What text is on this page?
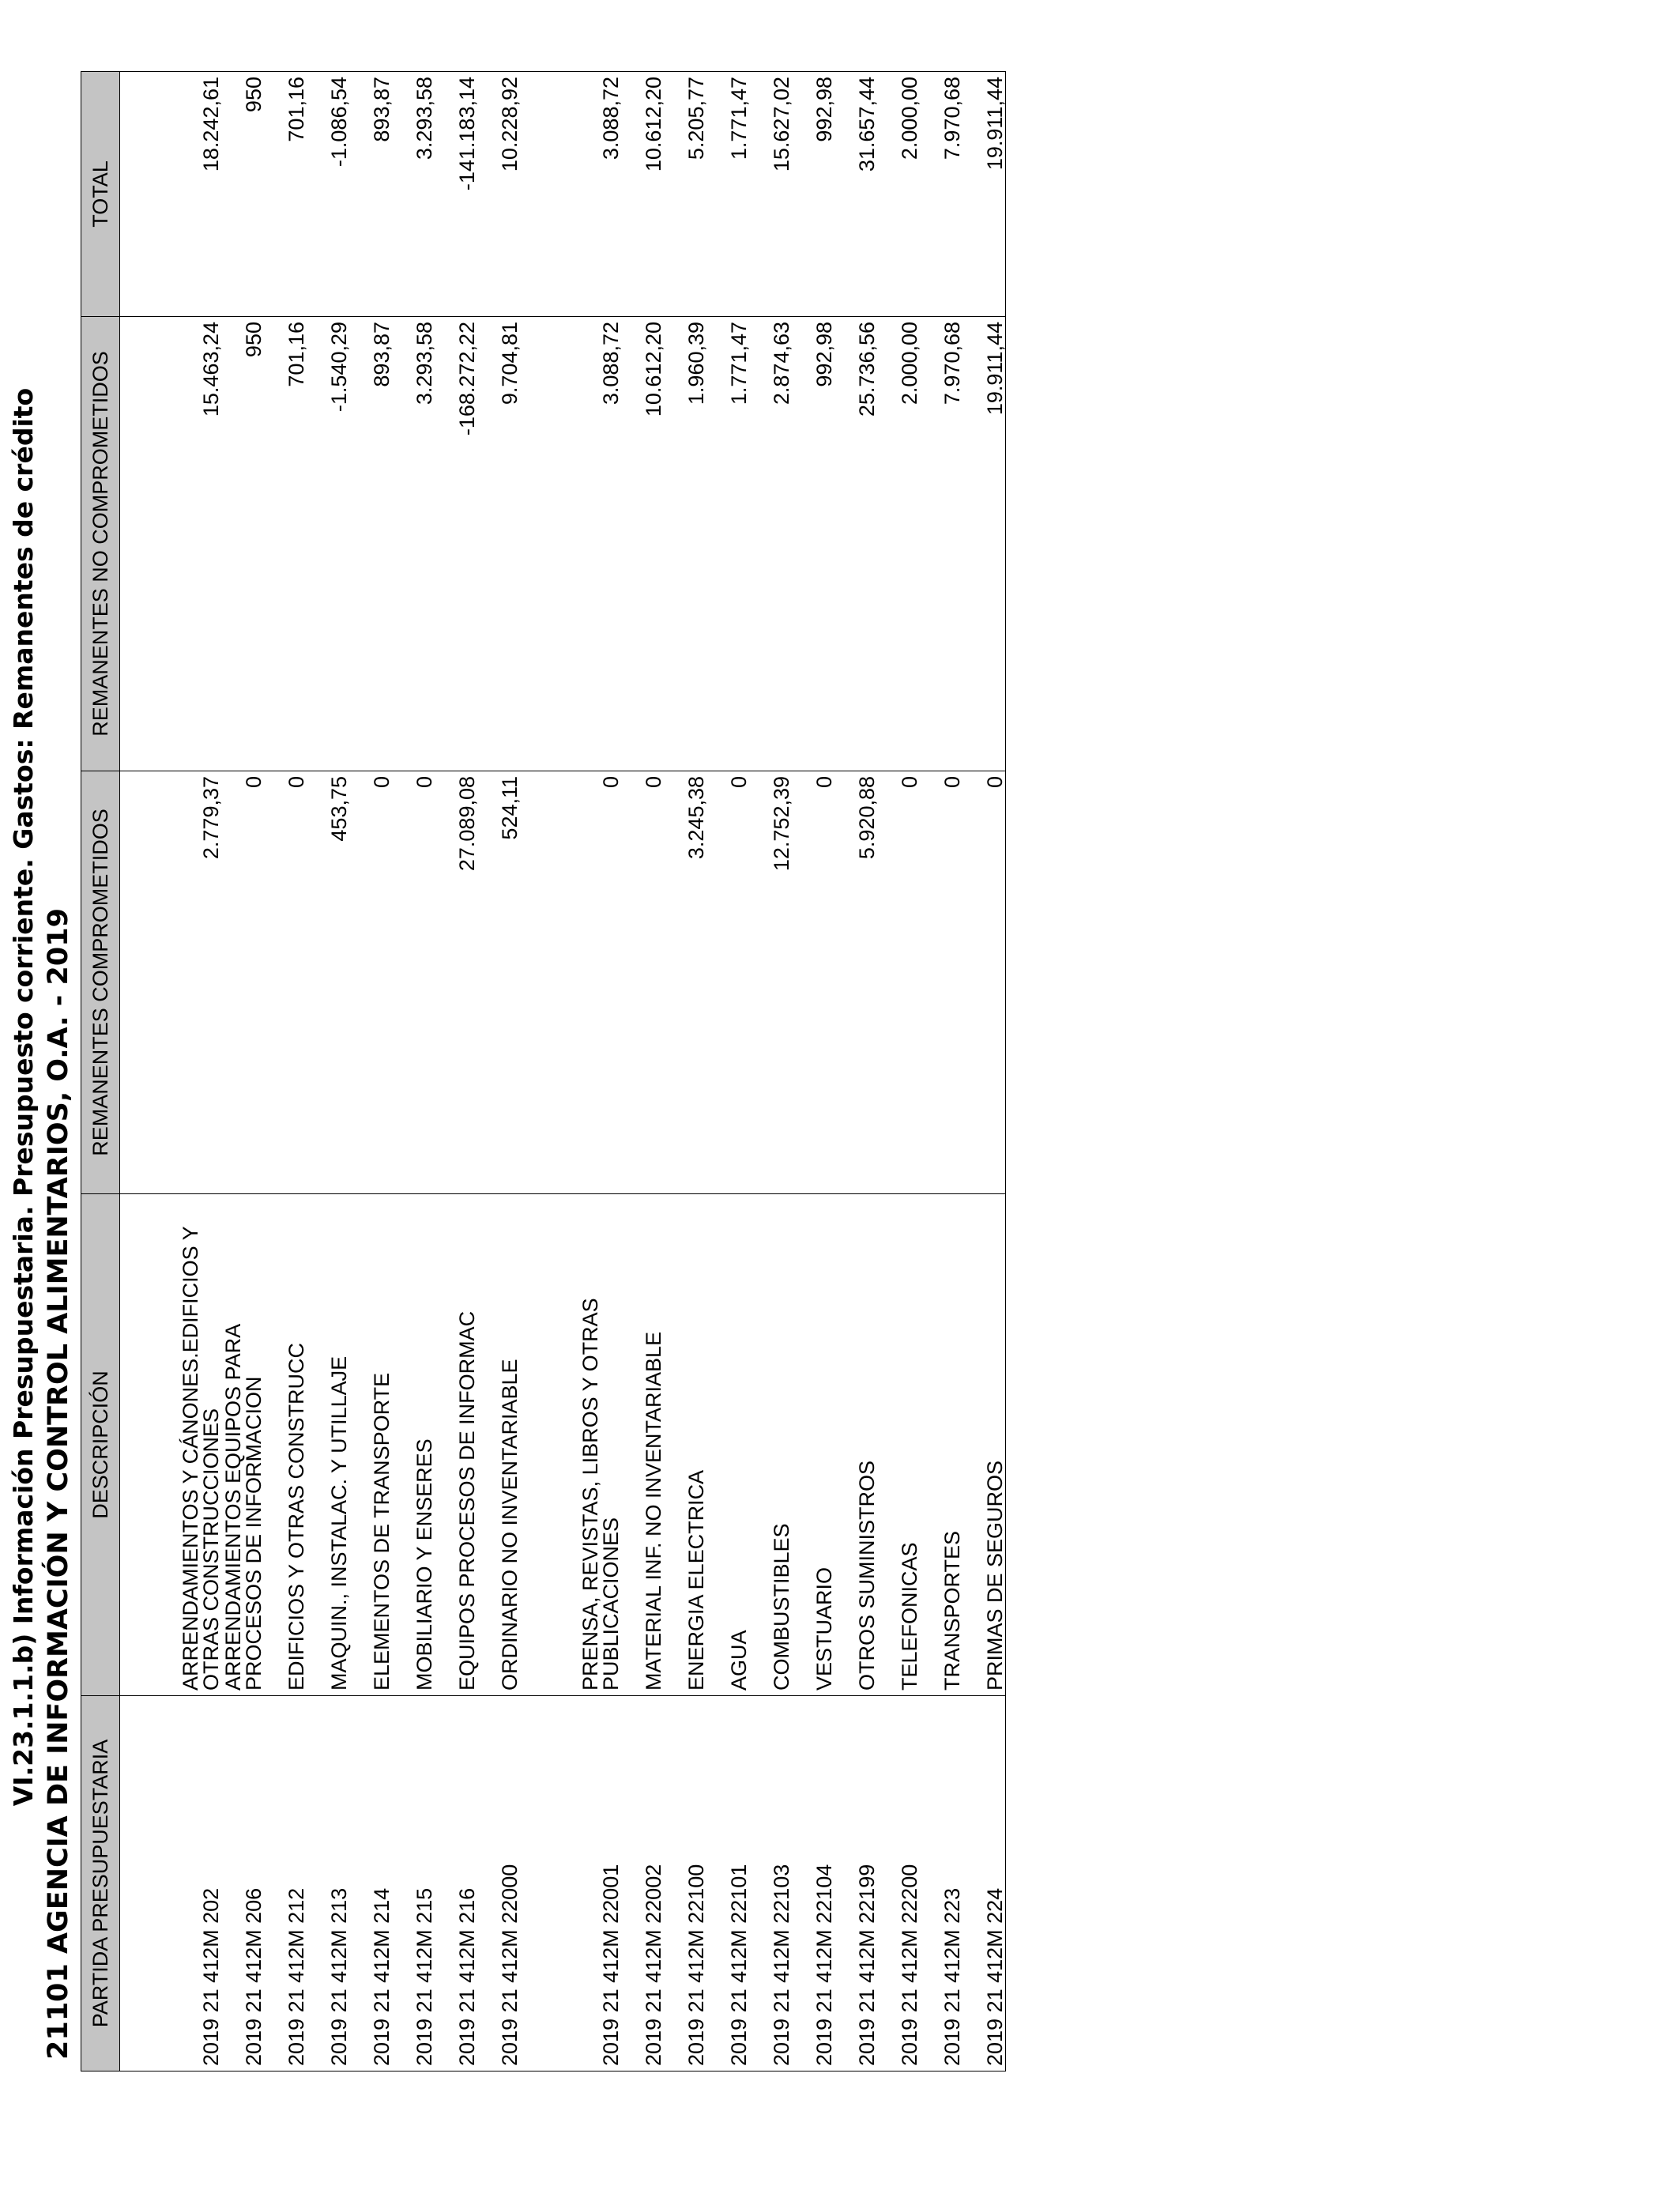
VI.23.1.1.b) Información Presupuestaria. Presupuesto corriente. Gastos: Remanentes de crédito 21101 AGENCIA DE INFORMACIÓN Y CONTROL ALIMENTARIOS, O.A. - 2019 PARTIDA PRESUPUESTARIA	DESCRIPCIÓN	REMANENTES COMPROMETIDOS	REMANENTES NO COMPROMETIDOS	TOTAL
2019 21 412M 202	ARRENDAMIENTOS Y CÁNONES.EDIFICIOS Y OTRAS CONSTRUCCIONES	2.779,37	15.463,24	18.242,61
2019 21 412M 206	ARRENDAMIENTOS EQUIPOS PARA PROCESOS DE INFORMACION	0	950	950
2019 21 412M 212	EDIFICIOS Y OTRAS CONSTRUCC	0	701,16	701,16
2019 21 412M 213	MAQUIN., INSTALAC. Y UTILLAJE	453,75	-1.540,29	-1.086,54
2019 21 412M 214	ELEMENTOS DE TRANSPORTE	0	893,87	893,87
2019 21 412M 215	MOBILIARIO Y ENSERES	0	3.293,58	3.293,58
2019 21 412M 216	EQUIPOS PROCESOS DE INFORMAC	27.089,08	-168.272,22	-141.183,14
2019 21 412M 22000	ORDINARIO NO INVENTARIABLE	524,11	9.704,81	10.228,92
2019 21 412M 22001	PRENSA, REVISTAS, LIBROS Y OTRAS PUBLICACIONES	0	3.088,72	3.088,72
2019 21 412M 22002	MATERIAL INF. NO INVENTARIABLE	0	10.612,20	10.612,20
2019 21 412M 22100	ENERGIA ELECTRICA	3.245,38	1.960,39	5.205,77
2019 21 412M 22101	AGUA	0	1.771,47	1.771,47
2019 21 412M 22103	COMBUSTIBLES	12.752,39	2.874,63	15.627,02
2019 21 412M 22104	VESTUARIO	0	992,98	992,98
2019 21 412M 22199	OTROS SUMINISTROS	5.920,88	25.736,56	31.657,44
2019 21 412M 22200	TELEFONICAS	0	2.000,00	2.000,00
2019 21 412M 223	TRANSPORTES	0	7.970,68	7.970,68
2019 21 412M 224	PRIMAS DE SEGUROS	0	19.911,44	19.911,44
